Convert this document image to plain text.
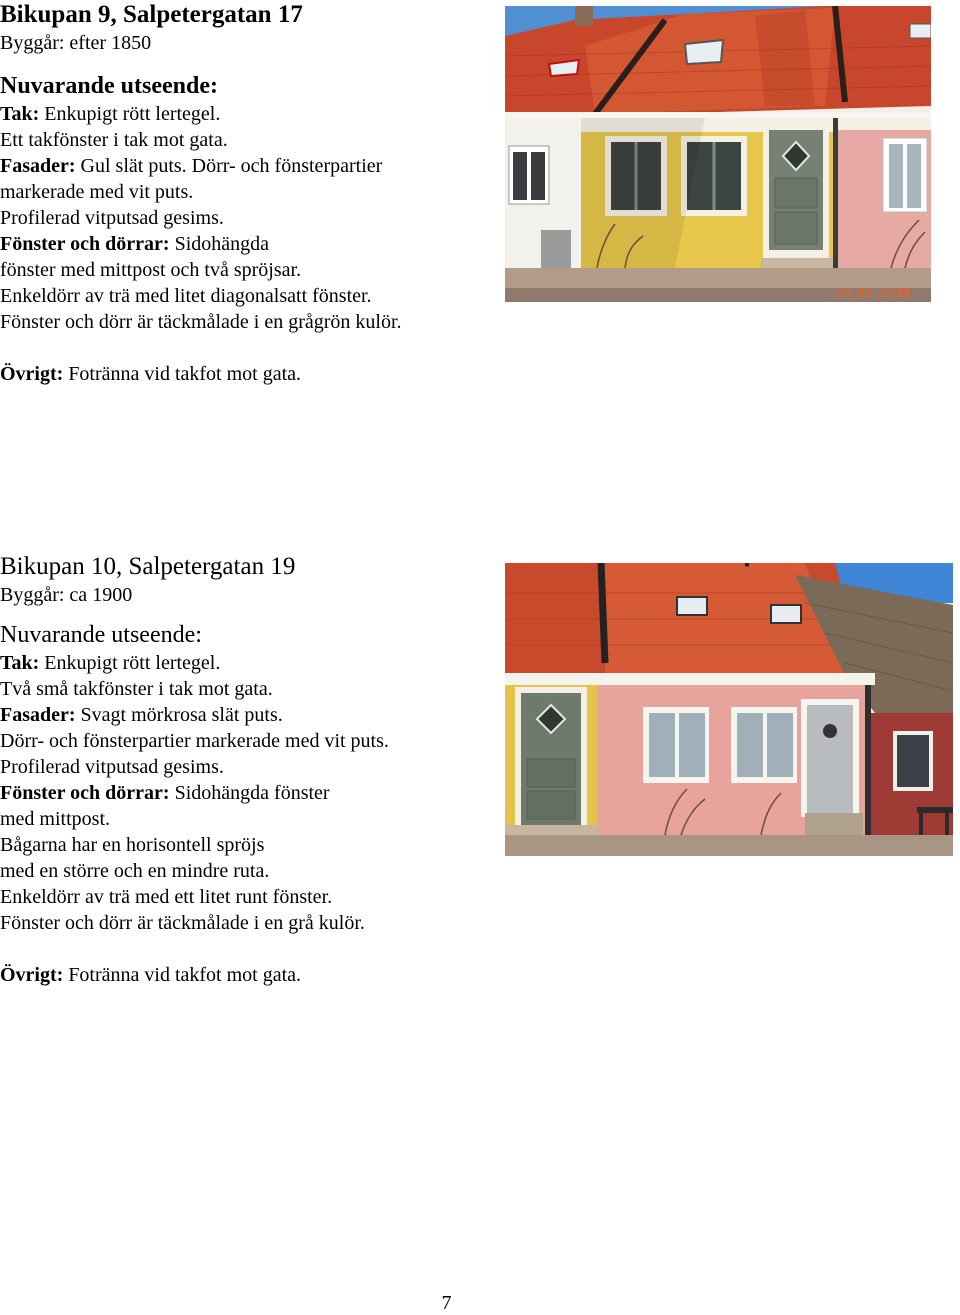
Bikupan 9, Salpetergatan 17
Byggår: efter 1850
Nuvarande utseende:
Tak: Enkupigt rött lertegel.
Ett takfönster i tak mot gata.
Fasader: Gul slät puts. Dörr- och fönsterpartier
markerade med vit puts.
Profilerad vitputsad gesims.
Fönster och dörrar: Sidohängda
fönster med mittpost och två spröjsar.
Enkeldörr av trä med litet diagonalsatt fönster.
Fönster och dörr är täckmålade i en grågrön kulör.
Övrigt: Fotränna vid takfot mot gata.
04 02 2008
Bikupan 10, Salpetergatan 19
Byggår: ca 1900
Nuvarande utseende:
Tak: Enkupigt rött lertegel.
Två små takfönster i tak mot gata.
Fasader: Svagt mörkrosa slät puts.
Dörr- och fönsterpartier markerade med vit puts.
Profilerad vitputsad gesims.
Fönster och dörrar: Sidohängda fönster
med mittpost.
Bågarna har en horisontell spröjs
med en större och en mindre ruta.
Enkeldörr av trä med ett litet runt fönster.
Fönster och dörr är täckmålade i en grå kulör.
Övrigt: Fotränna vid takfot mot gata.
7
